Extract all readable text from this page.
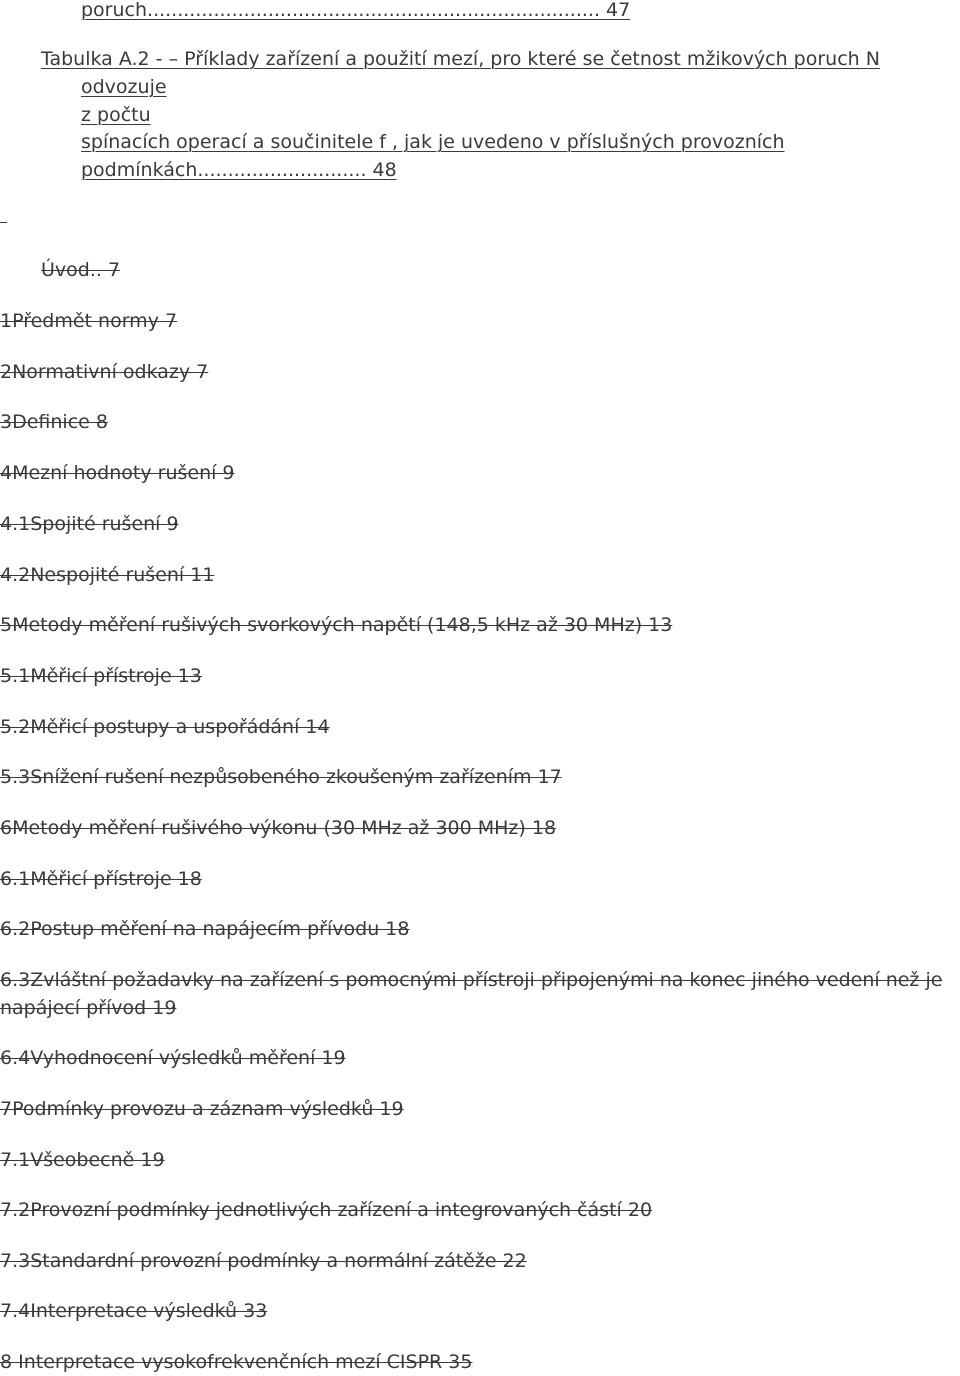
poruch........................................................................... 47
Tabulka A.2 - – Příklady zařízení a použití mezí, pro které se četnost mžikových poruch N
odvozuje
z počtu
spínacích operací a součinitele f , jak je uvedeno v příslušných provozních
podmínkách............................ 48
Úvod.. 7
1Předmět normy 7
2Normativní odkazy 7
3Definice 8
4Mezní hodnoty rušení 9
4.1Spojité rušení 9
4.2Nespojité rušení 11
5Metody měření rušivých svorkových napětí (148,5 kHz až 30 MHz) 13
5.1Měřicí přístroje 13
5.2Měřicí postupy a uspořádání 14
5.3Snížení rušení nezpůsobeného zkoušeným zařízením 17
6Metody měření rušivého výkonu (30 MHz až 300 MHz) 18
6.1Měřicí přístroje 18
6.2Postup měření na napájecím přívodu 18
6.3Zvláštní požadavky na zařízení s pomocnými přístroji připojenými na konec jiného vedení než je
napájecí přívod 19
6.4Vyhodnocení výsledků měření 19
7Podmínky provozu a záznam výsledků 19
7.1Všeobecně 19
7.2Provozní podmínky jednotlivých zařízení a integrovaných částí 20
7.3Standardní provozní podmínky a normální zátěže 22
7.4Interpretace výsledků 33
8 Interpretace vysokofrekvenčních mezí CISPR 35
